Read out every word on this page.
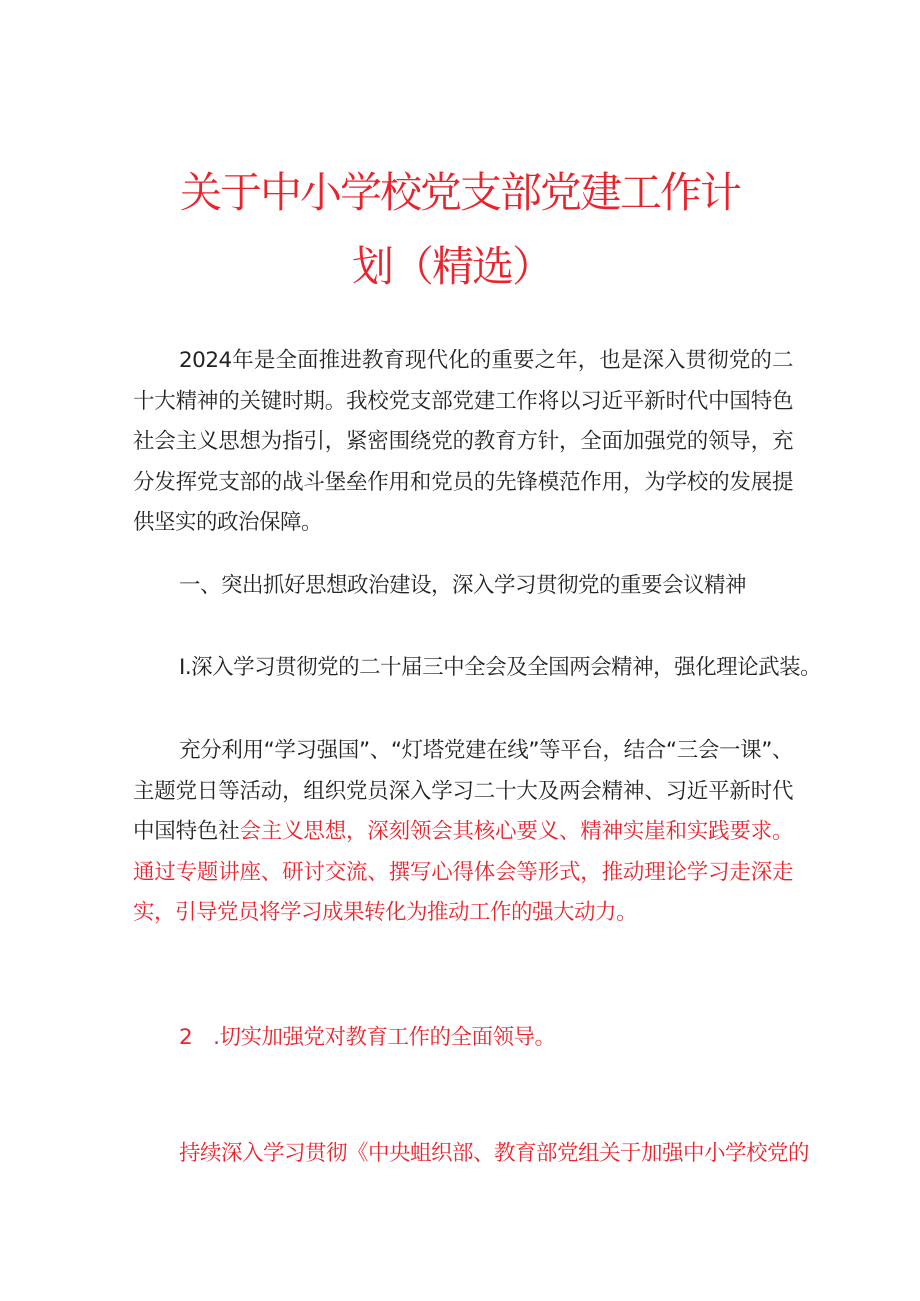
关于中小学校党支部党建工作计
划（精选）

2024年是全面推进教育现代化的重要之年，也是深入贯彻党的二十大精神的关键时期。我校党支部党建工作将以习近平新时代中国特色社会主义思想为指引，紧密围绕党的教育方针，全面加强党的领导，充分发挥党支部的战斗堡垒作用和党员的先锋模范作用，为学校的发展提供坚实的政治保障。

一、突出抓好思想政治建设，深入学习贯彻党的重要会议精神

I.深入学习贯彻党的二十届三中全会及全国两会精神，强化理论武装。

充分利用“学习强国”、“灯塔党建在线”等平台，结合“三会一课”、主题党日等活动，组织党员深入学习二十大及两会精神、习近平新时代中国特色社会主义思想，深刻领会其核心要义、精神实崖和实践要求。通过专题讲座、研讨交流、撰写心得体会等形式，推动理论学习走深走实，引导党员将学习成果转化为推动工作的强大动力。

2　.切实加强党对教育工作的全面领导。

持续深入学习贯彻《中央蛆织部、教育部党组关于加强中小学校党的
